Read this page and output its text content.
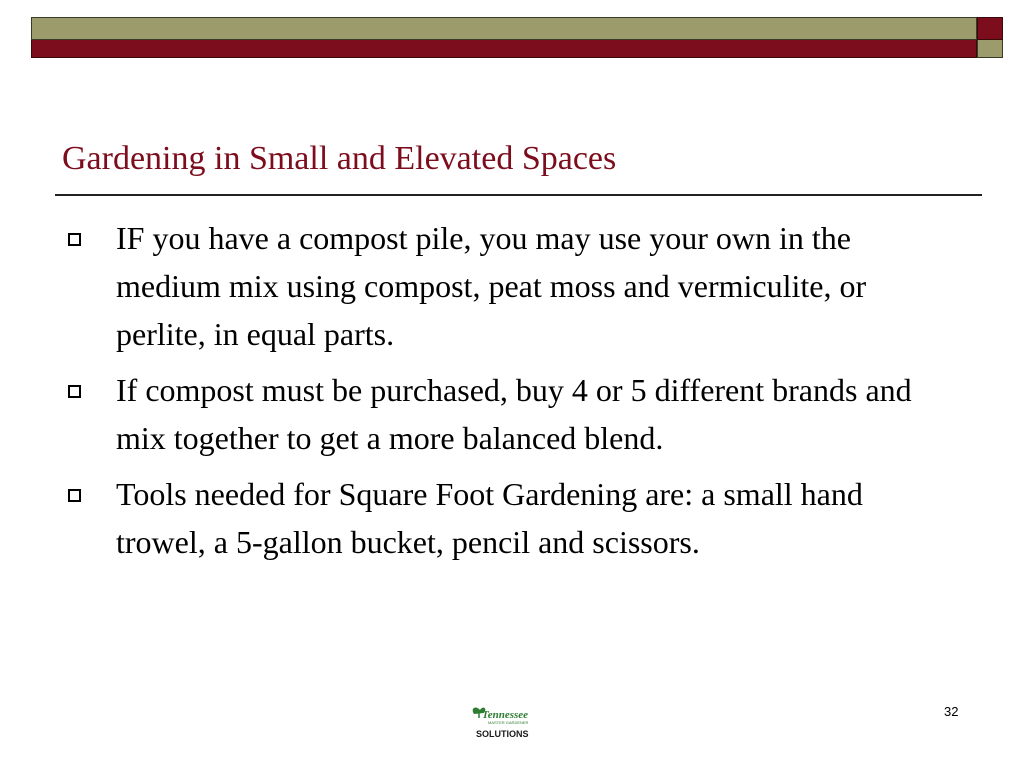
Gardening in Small and Elevated Spaces
IF you have a compost pile, you may use your own in the medium mix using compost, peat moss and vermiculite, or perlite, in equal parts.
If compost must be purchased, buy 4 or 5 different brands and mix together to get a more balanced blend.
Tools needed for Square Foot Gardening are: a small hand trowel, a 5-gallon bucket, pencil and scissors.
Tennessee
MASTER GARDENER
SOLUTIONS
32
